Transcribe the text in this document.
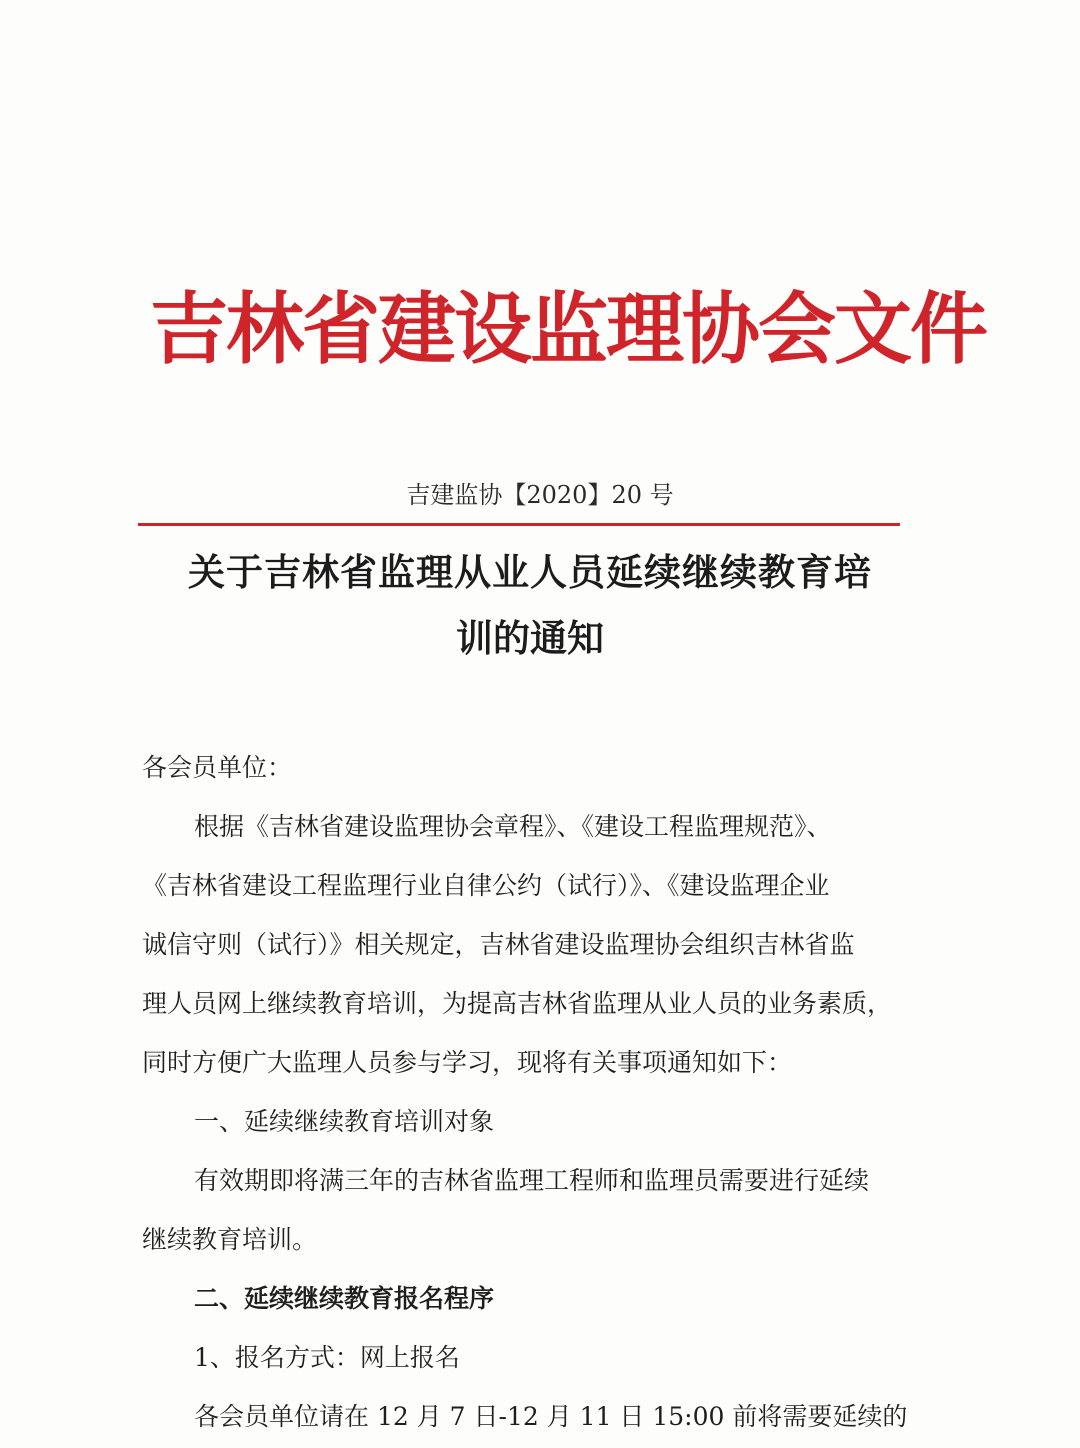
吉林省建设监理协会文件
吉建监协【2020】20 号
关于吉林省监理从业人员延续继续教育培
训的通知

各会员单位：

根据《吉林省建设监理协会章程》、《建设工程监理规范》、

《吉林省建设工程监理行业自律公约（试行）》、《建设监理企业

诚信守则（试行）》相关规定，吉林省建设监理协会组织吉林省监

理人员网上继续教育培训，为提高吉林省监理从业人员的业务素质，

同时方便广大监理人员参与学习，现将有关事项通知如下：

一、延续继续教育培训对象

有效期即将满三年的吉林省监理工程师和监理员需要进行延续

继续教育培训。

二、延续继续教育报名程序

1、报名方式：网上报名

各会员单位请在 12 月 7 日-12 月 11 日 15:00 前将需要延续的
